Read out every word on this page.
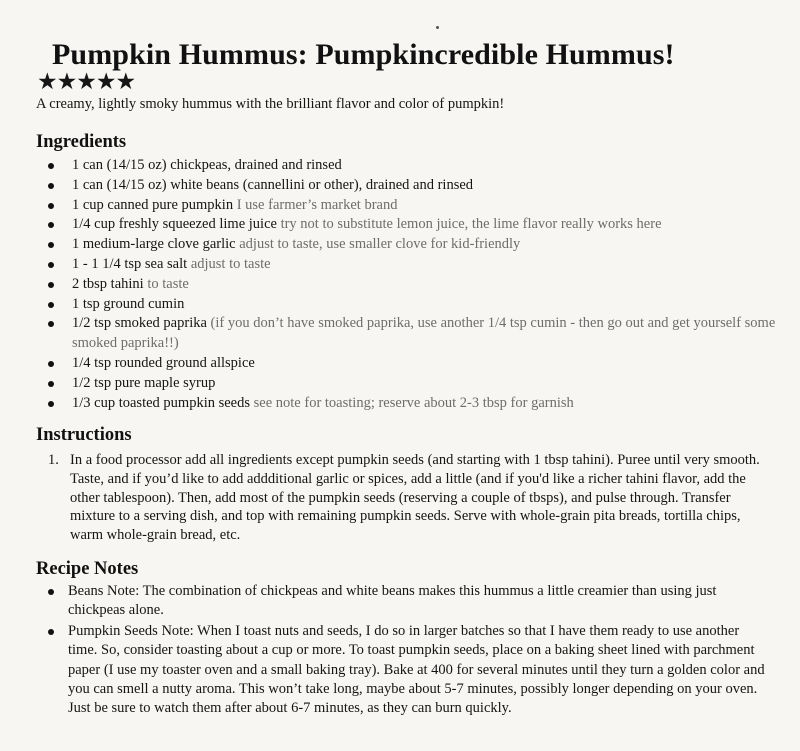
Pumpkin Hummus: Pumpkincredible Hummus!
★★★★★

A creamy, lightly smoky hummus with the brilliant flavor and color of pumpkin!

Ingredients
1 can (14/15 oz) chickpeas, drained and rinsed
1 can (14/15 oz) white beans (cannellini or other), drained and rinsed
1 cup canned pure pumpkin I use farmer’s market brand
1/4 cup freshly squeezed lime juice try not to substitute lemon juice, the lime flavor really works here
1 medium-large clove garlic adjust to taste, use smaller clove for kid-friendly
1 - 1 1/4 tsp sea salt adjust to taste
2 tbsp tahini to taste
1 tsp ground cumin
1/2 tsp smoked paprika (if you don’t have smoked paprika, use another 1/4 tsp cumin - then go out and get yourself some smoked paprika!!)
1/4 tsp rounded ground allspice
1/2 tsp pure maple syrup
1/3 cup toasted pumpkin seeds see note for toasting; reserve about 2-3 tbsp for garnish
Instructions
1. In a food processor add all ingredients except pumpkin seeds (and starting with 1 tbsp tahini). Puree until very smooth. Taste, and if you’d like to add addditional garlic or spices, add a little (and if you'd like a richer tahini flavor, add the other tablespoon). Then, add most of the pumpkin seeds (reserving a couple of tbsps), and pulse through. Transfer mixture to a serving dish, and top with remaining pumpkin seeds. Serve with whole-grain pita breads, tortilla chips, warm whole-grain bread, etc.
Recipe Notes
Beans Note: The combination of chickpeas and white beans makes this hummus a little creamier than using just chickpeas alone.
Pumpkin Seeds Note: When I toast nuts and seeds, I do so in larger batches so that I have them ready to use another time. So, consider toasting about a cup or more. To toast pumpkin seeds, place on a baking sheet lined with parchment paper (I use my toaster oven and a small baking tray). Bake at 400 for several minutes until they turn a golden color and you can smell a nutty aroma. This won’t take long, maybe about 5-7 minutes, possibly longer depending on your oven. Just be sure to watch them after about 6-7 minutes, as they can burn quickly.
